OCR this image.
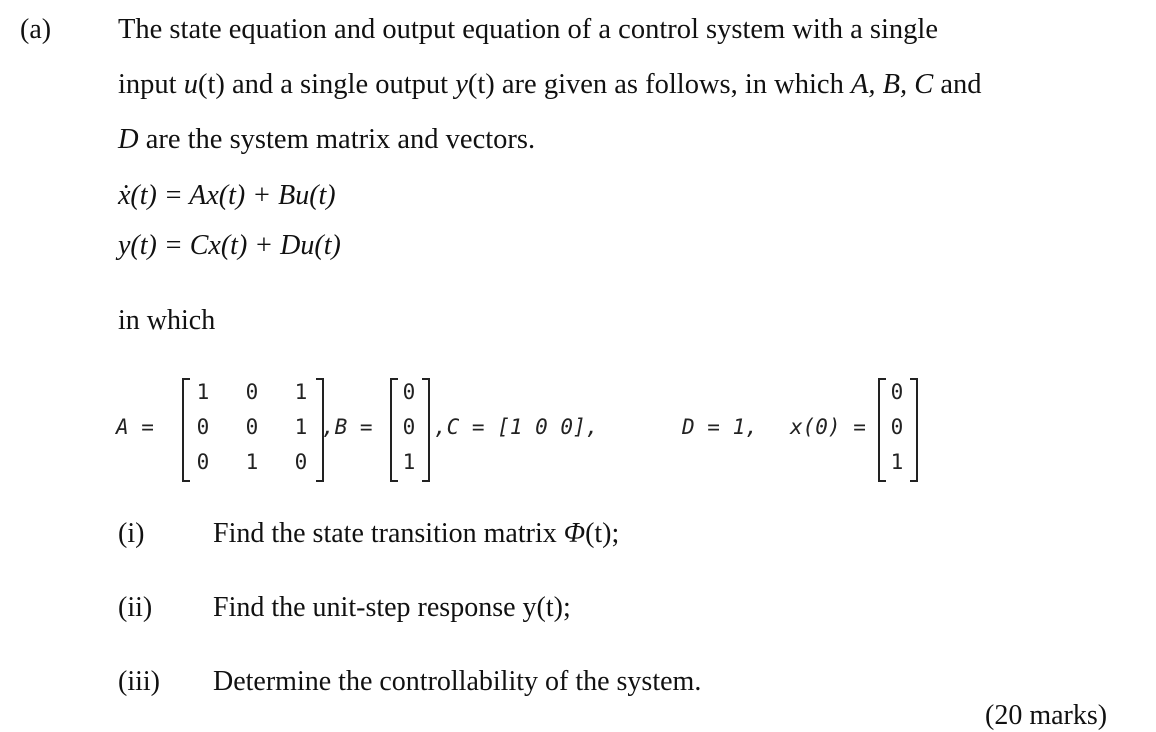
(a) The state equation and output equation of a control system with a single
input u(t) and a single output y(t) are given as follows, in which A, B, C and
D are the system matrix and vectors.
ẋ(t) = Ax(t) + Bu(t)
y(t) = Cx(t) + Du(t)
in which
A =
1 0 1
0 0 1
0 1 0
,B =
0
0
1
,C = [1 0 0],	D = 1, x(0) =
0
0
1
(i) Find the state transition matrix Φ(t);
(ii) Find the unit-step response y(t);
(iii) Determine the controllability of the system.
(20 marks)
